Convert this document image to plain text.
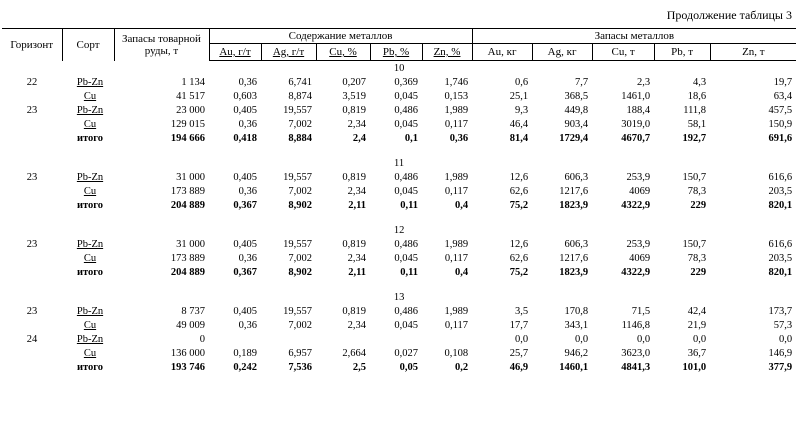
Продолжение таблицы 3
Горизонт	Сорт	Запасы товарной руды, т	Содержание металлов					Запасы металлов				
			Au, г/т	Ag, г/т	Cu, %	Pb, %	Zn, %	Au, кг	Ag, кг	Cu, т	Pb, т	Zn, т
10												
22	Pb-Zn	1 134	0,36	6,741	0,207	0,369	1,746	0,6	7,7	2,3	4,3	19,7
	Cu	41 517	0,603	8,874	3,519	0,045	0,153	25,1	368,5	1461,0	18,6	63,4
23	Pb-Zn	23 000	0,405	19,557	0,819	0,486	1,989	9,3	449,8	188,4	111,8	457,5
	Cu	129 015	0,36	7,002	2,34	0,045	0,117	46,4	903,4	3019,0	58,1	150,9
	итого	194 666	0,418	8,884	2,4	0,1	0,36	81,4	1729,4	4670,7	192,7	691,6

11												
23	Pb-Zn	31 000	0,405	19,557	0,819	0,486	1,989	12,6	606,3	253,9	150,7	616,6
	Cu	173 889	0,36	7,002	2,34	0,045	0,117	62,6	1217,6	4069	78,3	203,5
	итого	204 889	0,367	8,902	2,11	0,11	0,4	75,2	1823,9	4322,9	229	820,1

12												
23	Pb-Zn	31 000	0,405	19,557	0,819	0,486	1,989	12,6	606,3	253,9	150,7	616,6
	Cu	173 889	0,36	7,002	2,34	0,045	0,117	62,6	1217,6	4069	78,3	203,5
	итого	204 889	0,367	8,902	2,11	0,11	0,4	75,2	1823,9	4322,9	229	820,1

13												
23	Pb-Zn	8 737	0,405	19,557	0,819	0,486	1,989	3,5	170,8	71,5	42,4	173,7
	Cu	49 009	0,36	7,002	2,34	0,045	0,117	17,7	343,1	1146,8	21,9	57,3
24	Pb-Zn	0						0,0	0,0	0,0	0,0	0,0
	Cu	136 000	0,189	6,957	2,664	0,027	0,108	25,7	946,2	3623,0	36,7	146,9
	итого	193 746	0,242	7,536	2,5	0,05	0,2	46,9	1460,1	4841,3	101,0	377,9
